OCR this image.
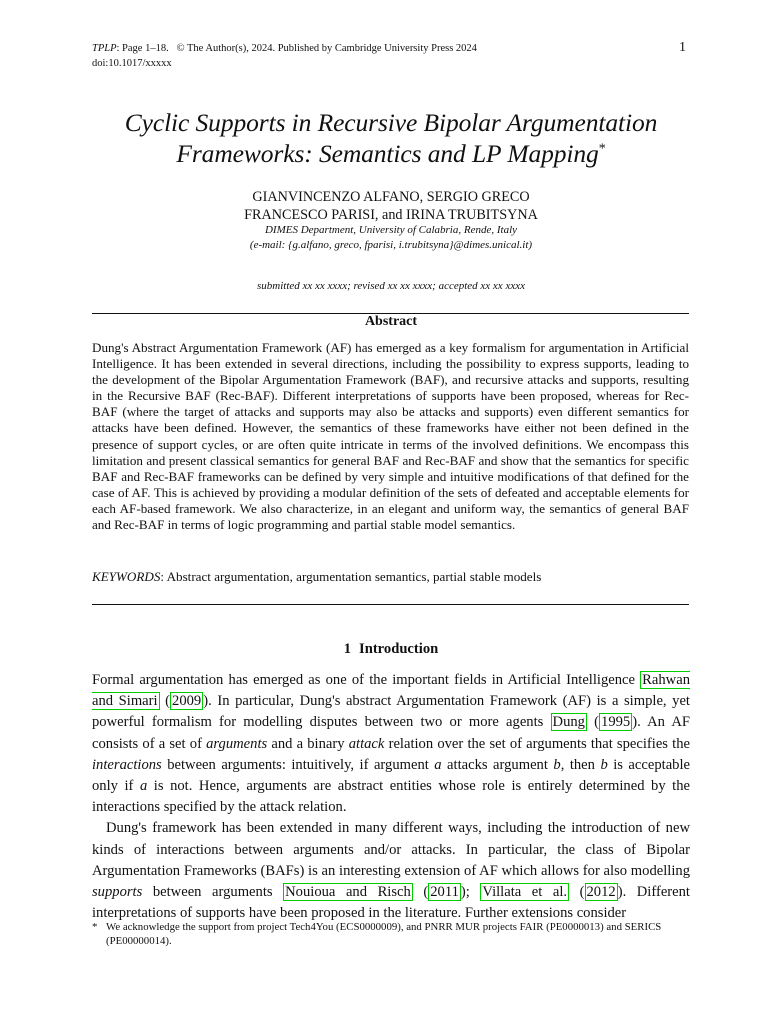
TPLP: Page 1–18. © The Author(s), 2024. Published by Cambridge University Press 2024
doi:10.1017/xxxxx
1
Cyclic Supports in Recursive Bipolar Argumentation
Frameworks: Semantics and LP Mapping*
GIANVINCENZO ALFANO, SERGIO GRECO
FRANCESCO PARISI, and IRINA TRUBITSYNA
DIMES Department, University of Calabria, Rende, Italy
(e-mail: {g.alfano, greco, fparisi, i.trubitsyna}@dimes.unical.it)
submitted xx xx xxxx; revised xx xx xxxx; accepted xx xx xxxx
Abstract
Dung's Abstract Argumentation Framework (AF) has emerged as a key formalism for argumentation in Artificial Intelligence. It has been extended in several directions, including the possibility to express supports, leading to the development of the Bipolar Argumentation Framework (BAF), and recursive attacks and supports, resulting in the Recursive BAF (Rec-BAF). Different interpretations of supports have been proposed, whereas for Rec-BAF (where the target of attacks and supports may also be attacks and supports) even different semantics for attacks have been defined. However, the semantics of these frameworks have either not been defined in the presence of support cycles, or are often quite intricate in terms of the involved definitions. We encompass this limitation and present classical semantics for general BAF and Rec-BAF and show that the semantics for specific BAF and Rec-BAF frameworks can be defined by very simple and intuitive modifications of that defined for the case of AF. This is achieved by providing a modular definition of the sets of defeated and acceptable elements for each AF-based framework. We also characterize, in an elegant and uniform way, the semantics of general BAF and Rec-BAF in terms of logic programming and partial stable model semantics.
KEYWORDS: Abstract argumentation, argumentation semantics, partial stable models
1 Introduction

Formal argumentation has emerged as one of the important fields in Artificial Intelligence Rahwan and Simari ( 2009 ). In particular, Dung's abstract Argumentation Framework (AF) is a simple, yet powerful formalism for modelling disputes between two or more agents Dung ( 1995 ). An AF consists of a set of arguments and a binary attack relation over the set of arguments that specifies the interactions between arguments: intuitively, if argument a attacks argument b, then b is acceptable only if a is not. Hence, arguments are abstract entities whose role is entirely determined by the interactions specified by the attack relation.

Dung's framework has been extended in many different ways, including the introduction of new kinds of interactions between arguments and/or attacks. In particular, the class of Bipolar Argumentation Frameworks (BAFs) is an interesting extension of AF which allows for also modelling supports between arguments Nouioua and Risch ( 2011 ); Villata et al. ( 2012 ). Different interpretations of supports have been proposed in the literature. Further extensions consider

* We acknowledge the support from project Tech4You (ECS0000009), and PNRR MUR projects FAIR (PE0000013) and SERICS (PE00000014).
